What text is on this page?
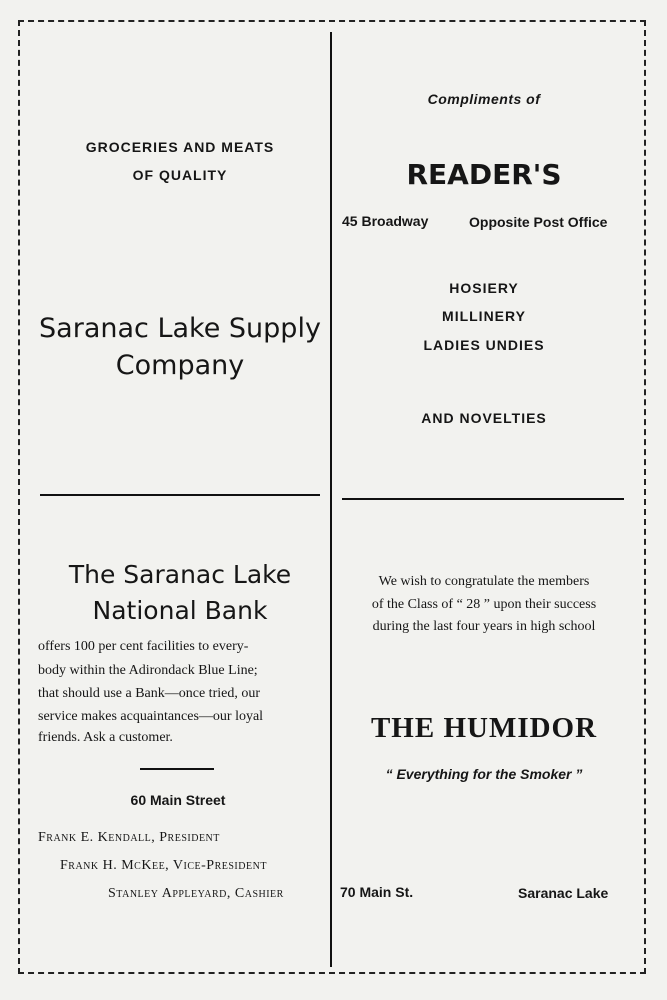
GROCERIES AND MEATS
OF QUALITY
Saranac Lake Supply
Company
Compliments of
READER'S
45 Broadway	Opposite Post Office
HOSIERY
MILLINERY
LADIES UNDIES
AND NOVELTIES
The Saranac Lake
National Bank
offers 100 per cent facilities to every-
body within the Adirondack Blue Line;
that should use a Bank—once tried, our
service makes acquaintances—our loyal
friends. Ask a customer.
60 Main Street
Frank E. Kendall, President
Frank H. McKee, Vice-President
Stanley Appleyard, Cashier
We wish to congratulate the members
of the Class of “ 28 ” upon their success
during the last four years in high school
THE HUMIDOR
“ Everything for the Smoker ”
70 Main St.	Saranac Lake
